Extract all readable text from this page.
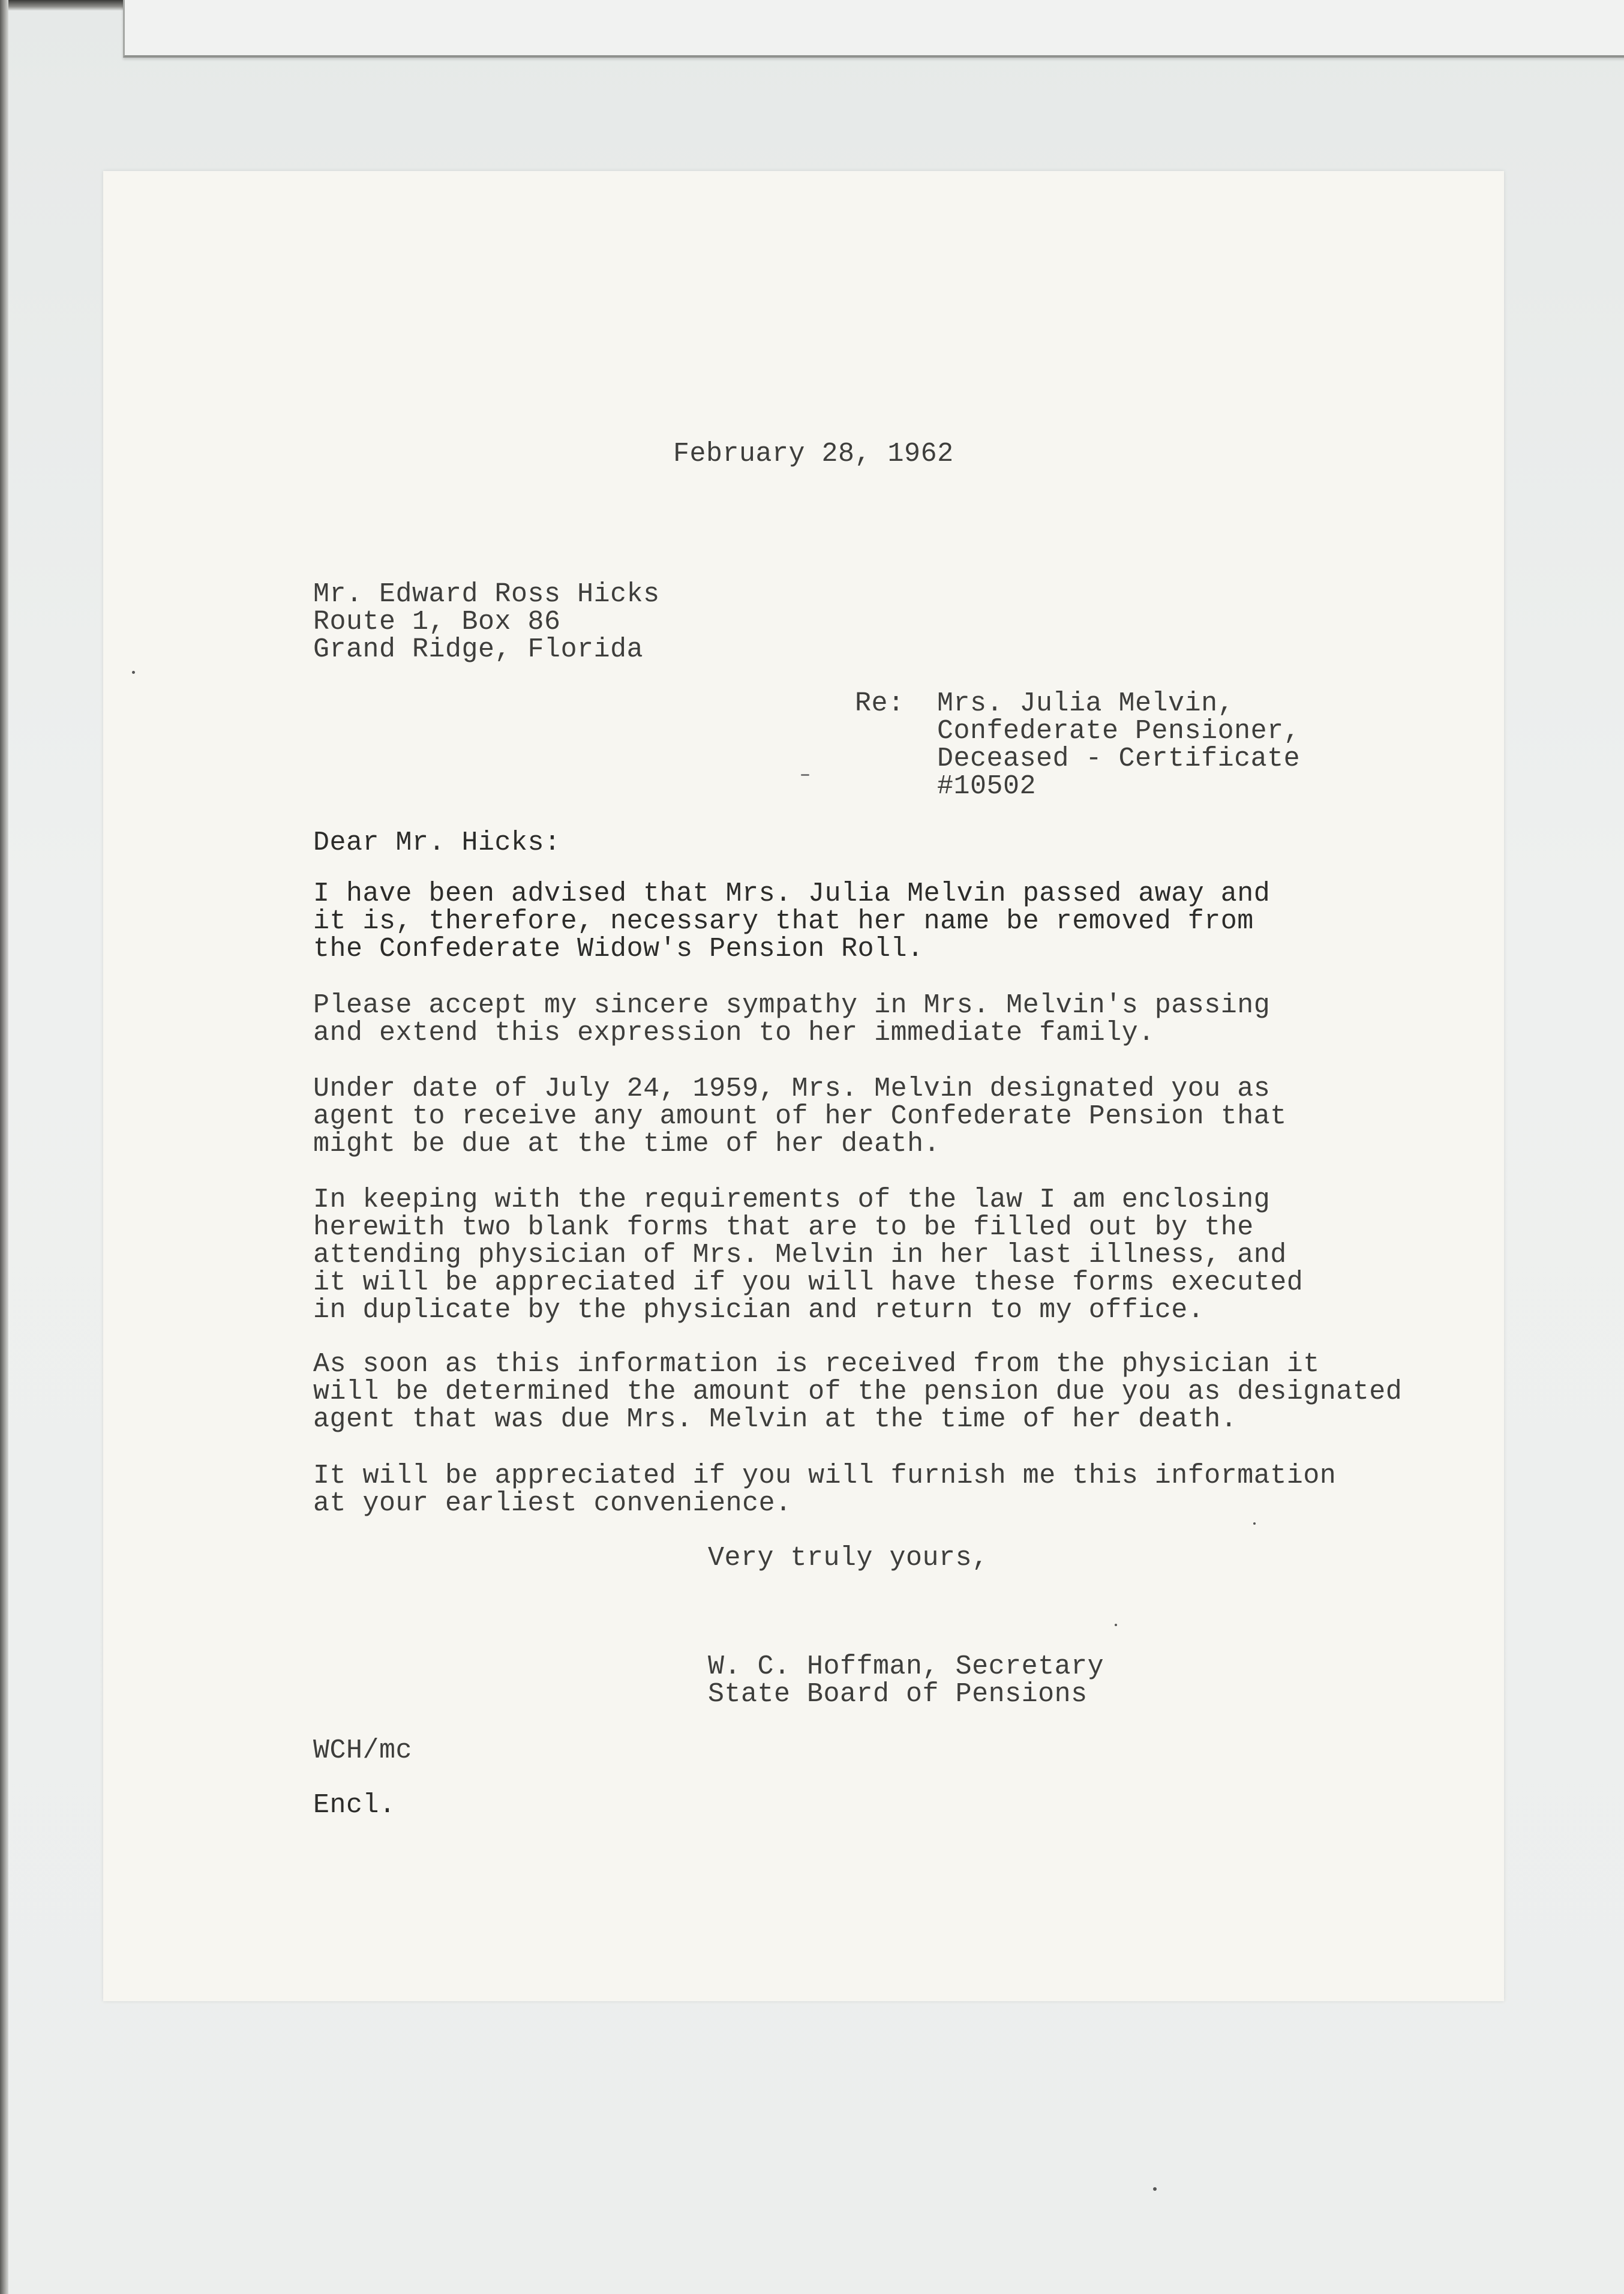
February 28, 1962
Mr. Edward Ross Hicks
Route 1, Box 86
Grand Ridge, Florida
Re: Mrs. Julia Melvin,
Confederate Pensioner,
Deceased - Certificate
#10502
Dear Mr. Hicks:
I have been advised that Mrs. Julia Melvin passed away and
it is, therefore, necessary that her name be removed from
the Confederate Widow's Pension Roll.
Please accept my sincere sympathy in Mrs. Melvin's passing
and extend this expression to her immediate family.
Under date of July 24, 1959, Mrs. Melvin designated you as
agent to receive any amount of her Confederate Pension that
might be due at the time of her death.
In keeping with the requirements of the law I am enclosing
herewith two blank forms that are to be filled out by the
attending physician of Mrs. Melvin in her last illness, and
it will be appreciated if you will have these forms executed
in duplicate by the physician and return to my office.
As soon as this information is received from the physician it
will be determined the amount of the pension due you as designated
agent that was due Mrs. Melvin at the time of her death.
It will be appreciated if you will furnish me this information
at your earliest convenience.
Very truly yours,
W. C. Hoffman, Secretary
State Board of Pensions
WCH/mc
Encl.
